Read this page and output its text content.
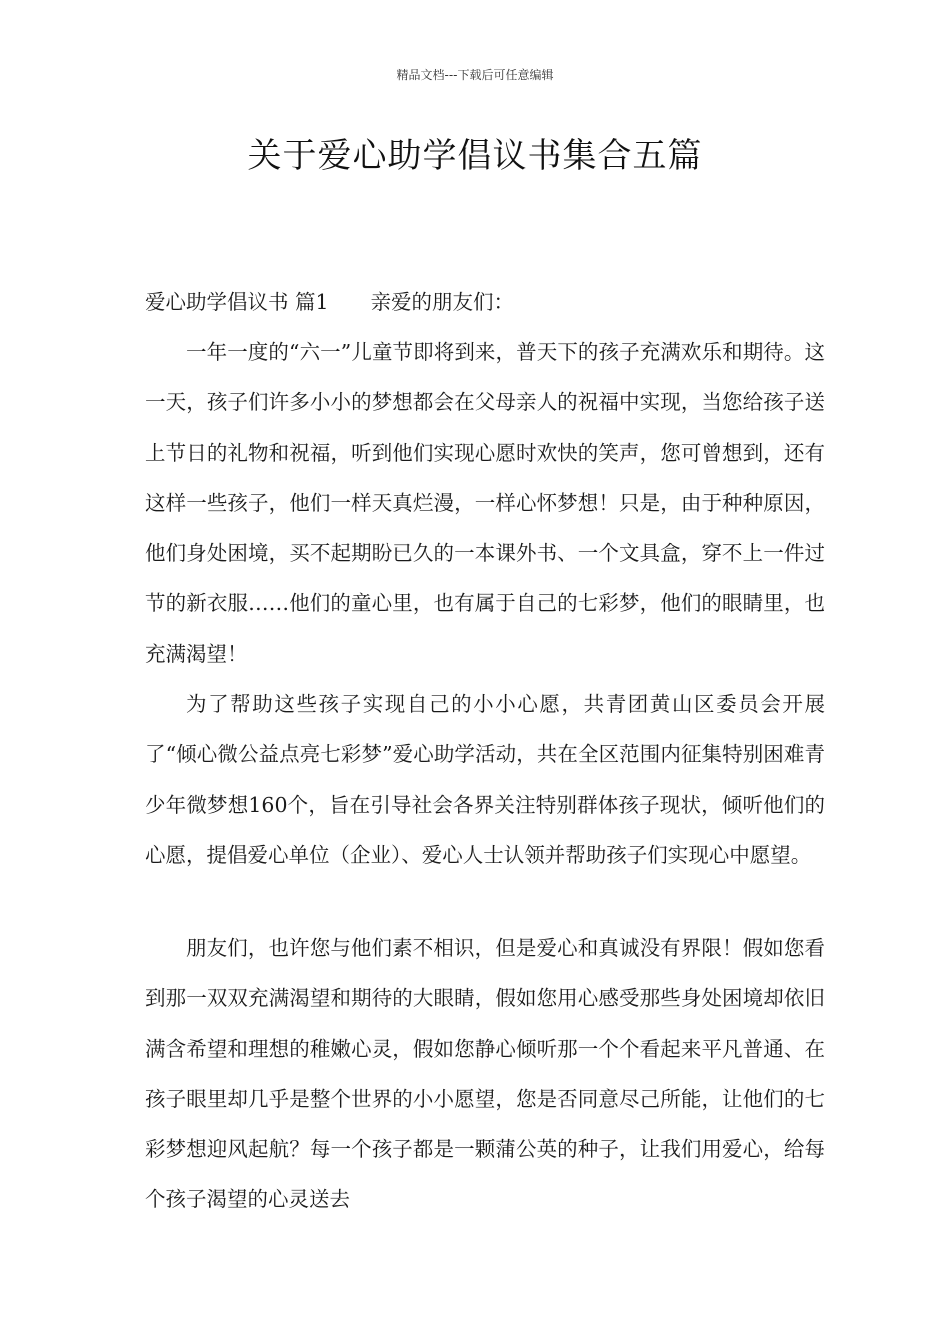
精品文档---下载后可任意编辑
关于爱心助学倡议书集合五篇
爱心助学倡议书 篇1 亲爱的朋友们：

一年一度的“六一”儿童节即将到来，普天下的孩子充满欢乐和期待。这一天，孩子们许多小小的梦想都会在父母亲人的祝福中实现，当您给孩子送上节日的礼物和祝福，听到他们实现心愿时欢快的笑声，您可曾想到，还有这样一些孩子，他们一样天真烂漫，一样心怀梦想！只是，由于种种原因，他们身处困境，买不起期盼已久的一本课外书、一个文具盒，穿不上一件过节的新衣服……他们的童心里，也有属于自己的七彩梦，他们的眼睛里，也充满渴望！

为了帮助这些孩子实现自己的小小心愿，共青团黄山区委员会开展了“倾心微公益点亮七彩梦”爱心助学活动，共在全区范围内征集特别困难青少年微梦想160个，旨在引导社会各界关注特别群体孩子现状，倾听他们的心愿，提倡爱心单位（企业）、爱心人士认领并帮助孩子们实现心中愿望。

朋友们，也许您与他们素不相识，但是爱心和真诚没有界限！假如您看到那一双双充满渴望和期待的大眼睛，假如您用心感受那些身处困境却依旧满含希望和理想的稚嫩心灵，假如您静心倾听那一个个看起来平凡普通、在孩子眼里却几乎是整个世界的小小愿望，您是否同意尽己所能，让他们的七彩梦想迎风起航？每一个孩子都是一颗蒲公英的种子，让我们用爱心，给每个孩子渴望的心灵送去
